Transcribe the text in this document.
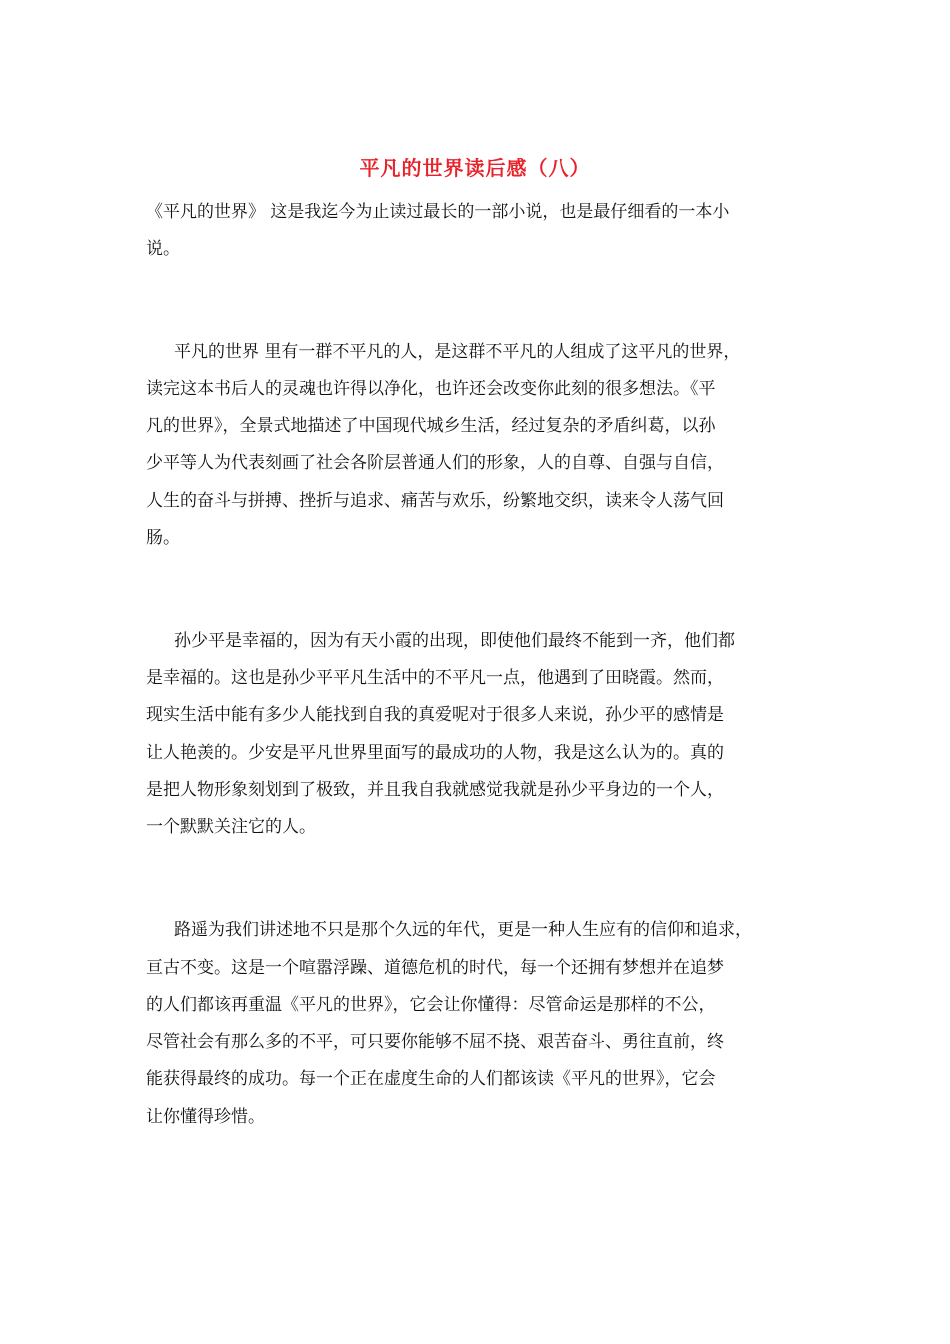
平凡的世界读后感（八）

《平凡的世界》 这是我迄今为止读过最长的一部小说，也是最仔细看的一本小

说。

平凡的世界 里有一群不平凡的人，是这群不平凡的人组成了这平凡的世界，

读完这本书后人的灵魂也许得以净化，也许还会改变你此刻的很多想法。《平

凡的世界》，全景式地描述了中国现代城乡生活，经过复杂的矛盾纠葛，以孙

少平等人为代表刻画了社会各阶层普通人们的形象，人的自尊、自强与自信，

人生的奋斗与拼搏、挫折与追求、痛苦与欢乐，纷繁地交织，读来令人荡气回

肠。

孙少平是幸福的，因为有天小霞的出现，即使他们最终不能到一齐，他们都

是幸福的。这也是孙少平平凡生活中的不平凡一点，他遇到了田晓霞。然而，

现实生活中能有多少人能找到自我的真爱呢对于很多人来说，孙少平的感情是

让人艳羡的。少安是平凡世界里面写的最成功的人物，我是这么认为的。真的

是把人物形象刻划到了极致，并且我自我就感觉我就是孙少平身边的一个人，

一个默默关注它的人。

路遥为我们讲述地不只是那个久远的年代，更是一种人生应有的信仰和追求，

亘古不变。这是一个喧嚣浮躁、道德危机的时代，每一个还拥有梦想并在追梦

的人们都该再重温《平凡的世界》，它会让你懂得：尽管命运是那样的不公，

尽管社会有那么多的不平，可只要你能够不屈不挠、艰苦奋斗、勇往直前，终

能获得最终的成功。每一个正在虚度生命的人们都该读《平凡的世界》，它会

让你懂得珍惜。
